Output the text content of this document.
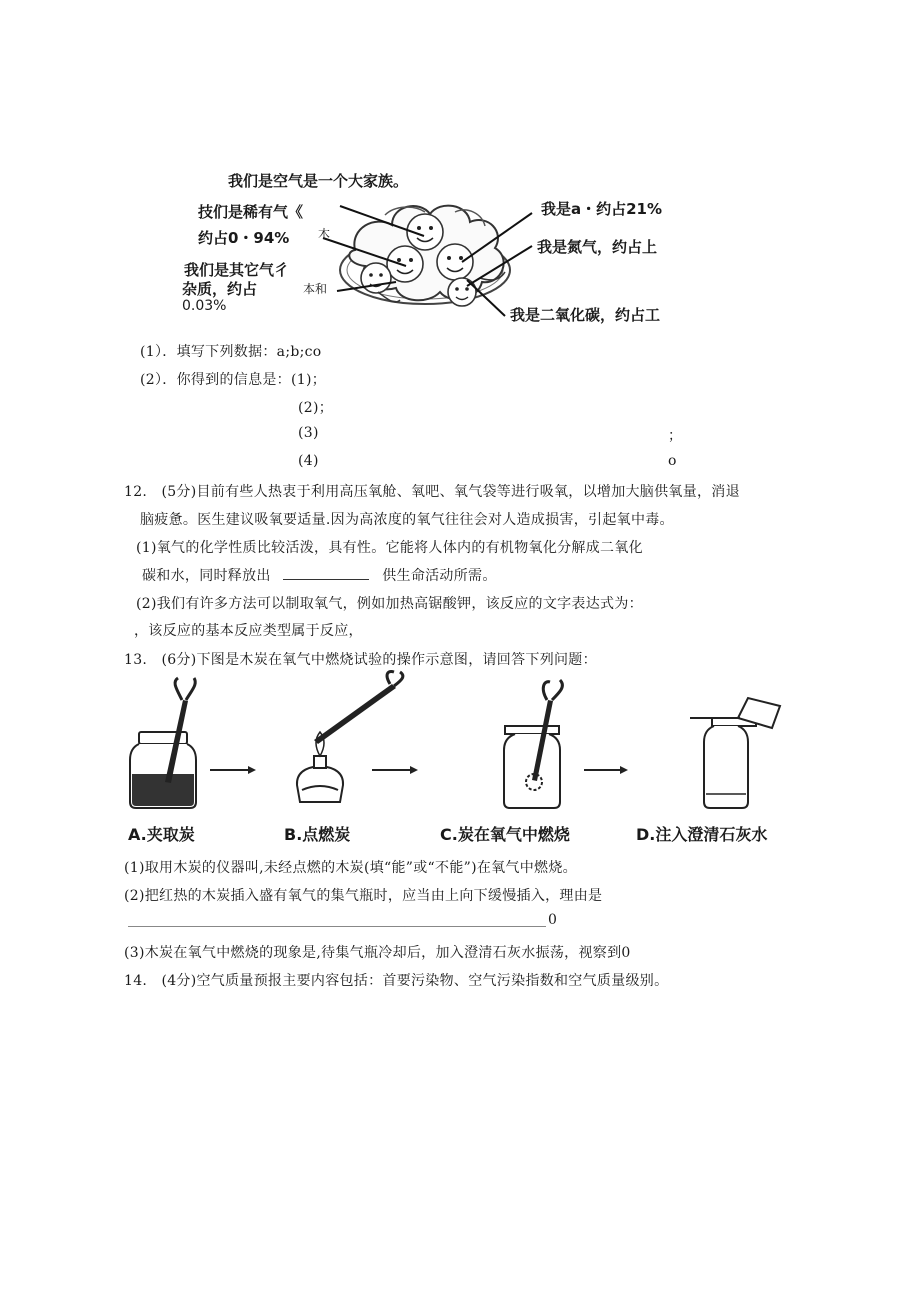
我们是空气是一个大家族。
技们是稀有气《
约占0・94%
我们是其它气彳
杂质，约占
0.03%
我是a・约占21%
我是氮气，约占上
我是二氧化碳，约占工
木
本和
(1）．填写下列数据：a;b;co
(2）．你得到的信息是：(1)；
(2)；
(3)	；
(4)	o
12.　(5分)目前有些人热衷于利用高压氧舱、氧吧、氧气袋等进行吸氧，以增加大脑供氧量，消退
脑疲惫。医生建议吸氧要适量.因为高浓度的氧气往往会对人造成损害，引起氧中毒。
(1)氧气的化学性质比较活泼，具有性。它能将人体内的有机物氧化分解成二氧化
碳和水，同时释放出	供生命活动所需。
(2)我们有许多方法可以制取氧气，例如加热高锯酸钾，该反应的文字表达式为：
，该反应的基本反应类型属于反应，
13.　(6分)下图是木炭在氧气中燃烧试验的操作示意图，请回答下列问题：
A.夹取炭	B.点燃炭	C.炭在氧气中燃烧	D.注入澄清石灰水
(1)取用木炭的仪器叫,未经点燃的木炭(填“能”或“不能”)在氧气中燃烧。
(2)把红热的木炭插入盛有氧气的集气瓶时，应当由上向下缓慢插入，理由是
0
(3)木炭在氧气中燃烧的现象是,待集气瓶冷却后，加入澄清石灰水振荡，视察到0
14.　(4分)空气质量预报主要内容包括：首要污染物、空气污染指数和空气质量级别。
